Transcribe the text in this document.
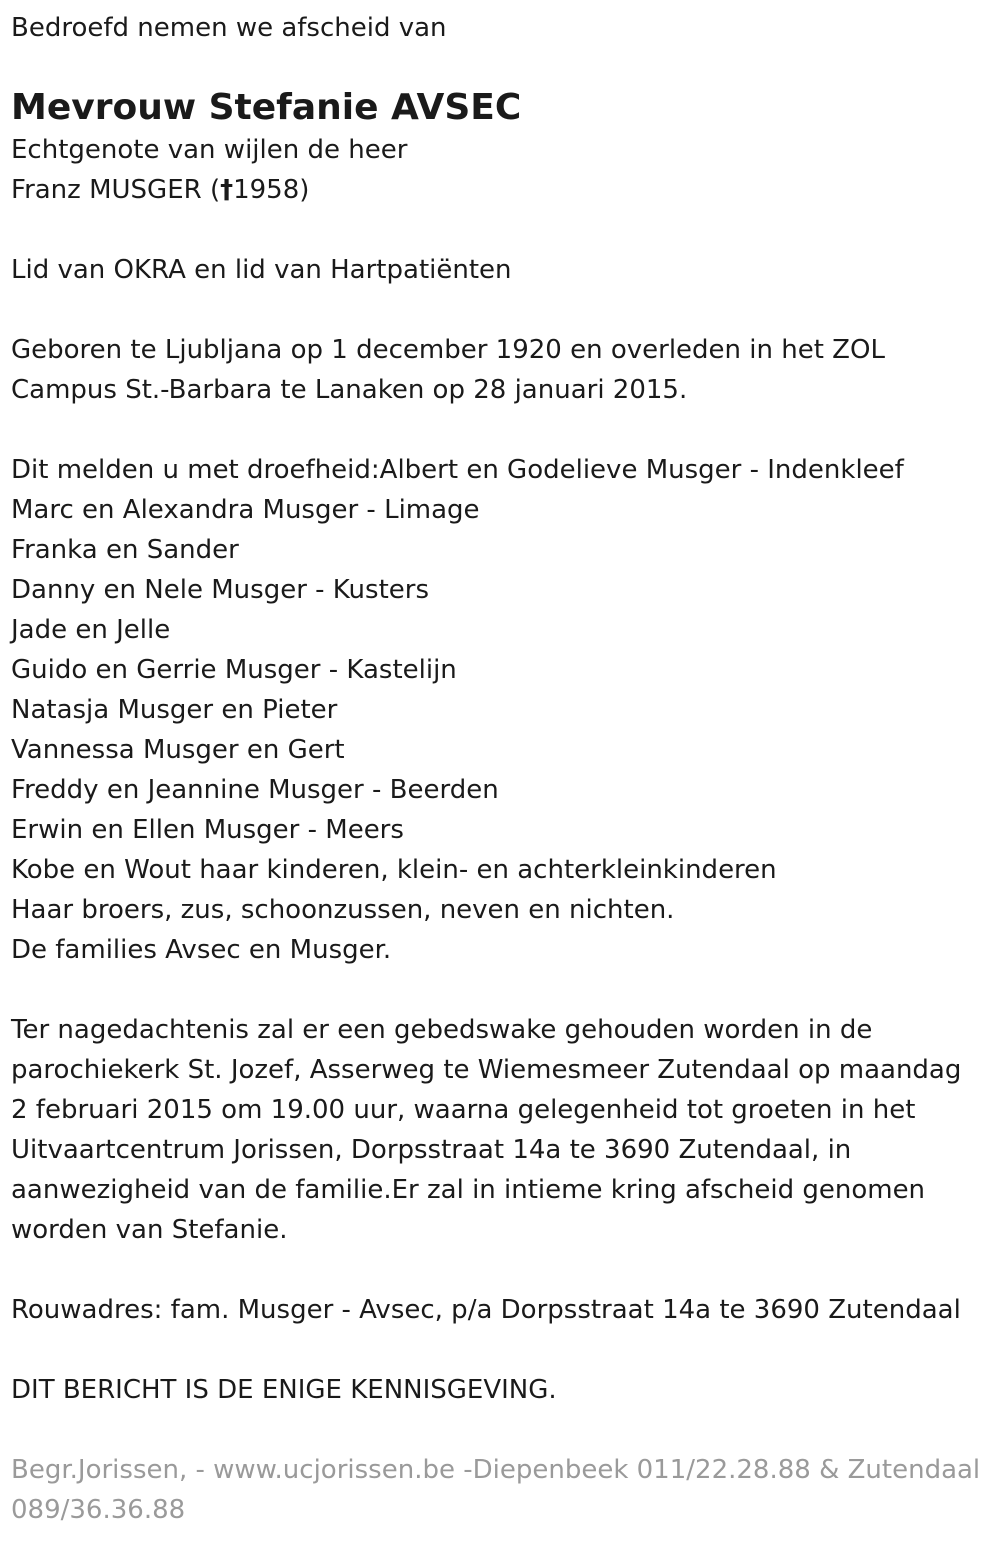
Bedroefd nemen we afscheid van

Mevrouw Stefanie AVSEC

Echtgenote van wijlen de heer

Franz MUSGER (†1958)

Lid van OKRA en lid van Hartpatiënten

Geboren te Ljubljana op 1 december 1920 en overleden in het ZOL

Campus St.-Barbara te Lanaken op 28 januari 2015.

Dit melden u met droefheid:Albert en Godelieve Musger - Indenkleef

Marc en Alexandra Musger - Limage

Franka en Sander

Danny en Nele Musger - Kusters

Jade en Jelle

Guido en Gerrie Musger - Kastelijn

Natasja Musger en Pieter

Vannessa Musger en Gert

Freddy en Jeannine Musger - Beerden

Erwin en Ellen Musger - Meers

Kobe en Wout haar kinderen, klein- en achterkleinkinderen

Haar broers, zus, schoonzussen, neven en nichten.

De families Avsec en Musger.

Ter nagedachtenis zal er een gebedswake gehouden worden in de

parochiekerk St. Jozef, Asserweg te Wiemesmeer Zutendaal op maandag

2 februari 2015 om 19.00 uur, waarna gelegenheid tot groeten in het

Uitvaartcentrum Jorissen, Dorpsstraat 14a te 3690 Zutendaal, in

aanwezigheid van de familie.Er zal in intieme kring afscheid genomen

worden van Stefanie.

Rouwadres: fam. Musger - Avsec, p/a Dorpsstraat 14a te 3690 Zutendaal

DIT BERICHT IS DE ENIGE KENNISGEVING.

Begr.Jorissen, - www.ucjorissen.be -Diepenbeek 011/22.28.88 & Zutendaal
089/36.36.88
